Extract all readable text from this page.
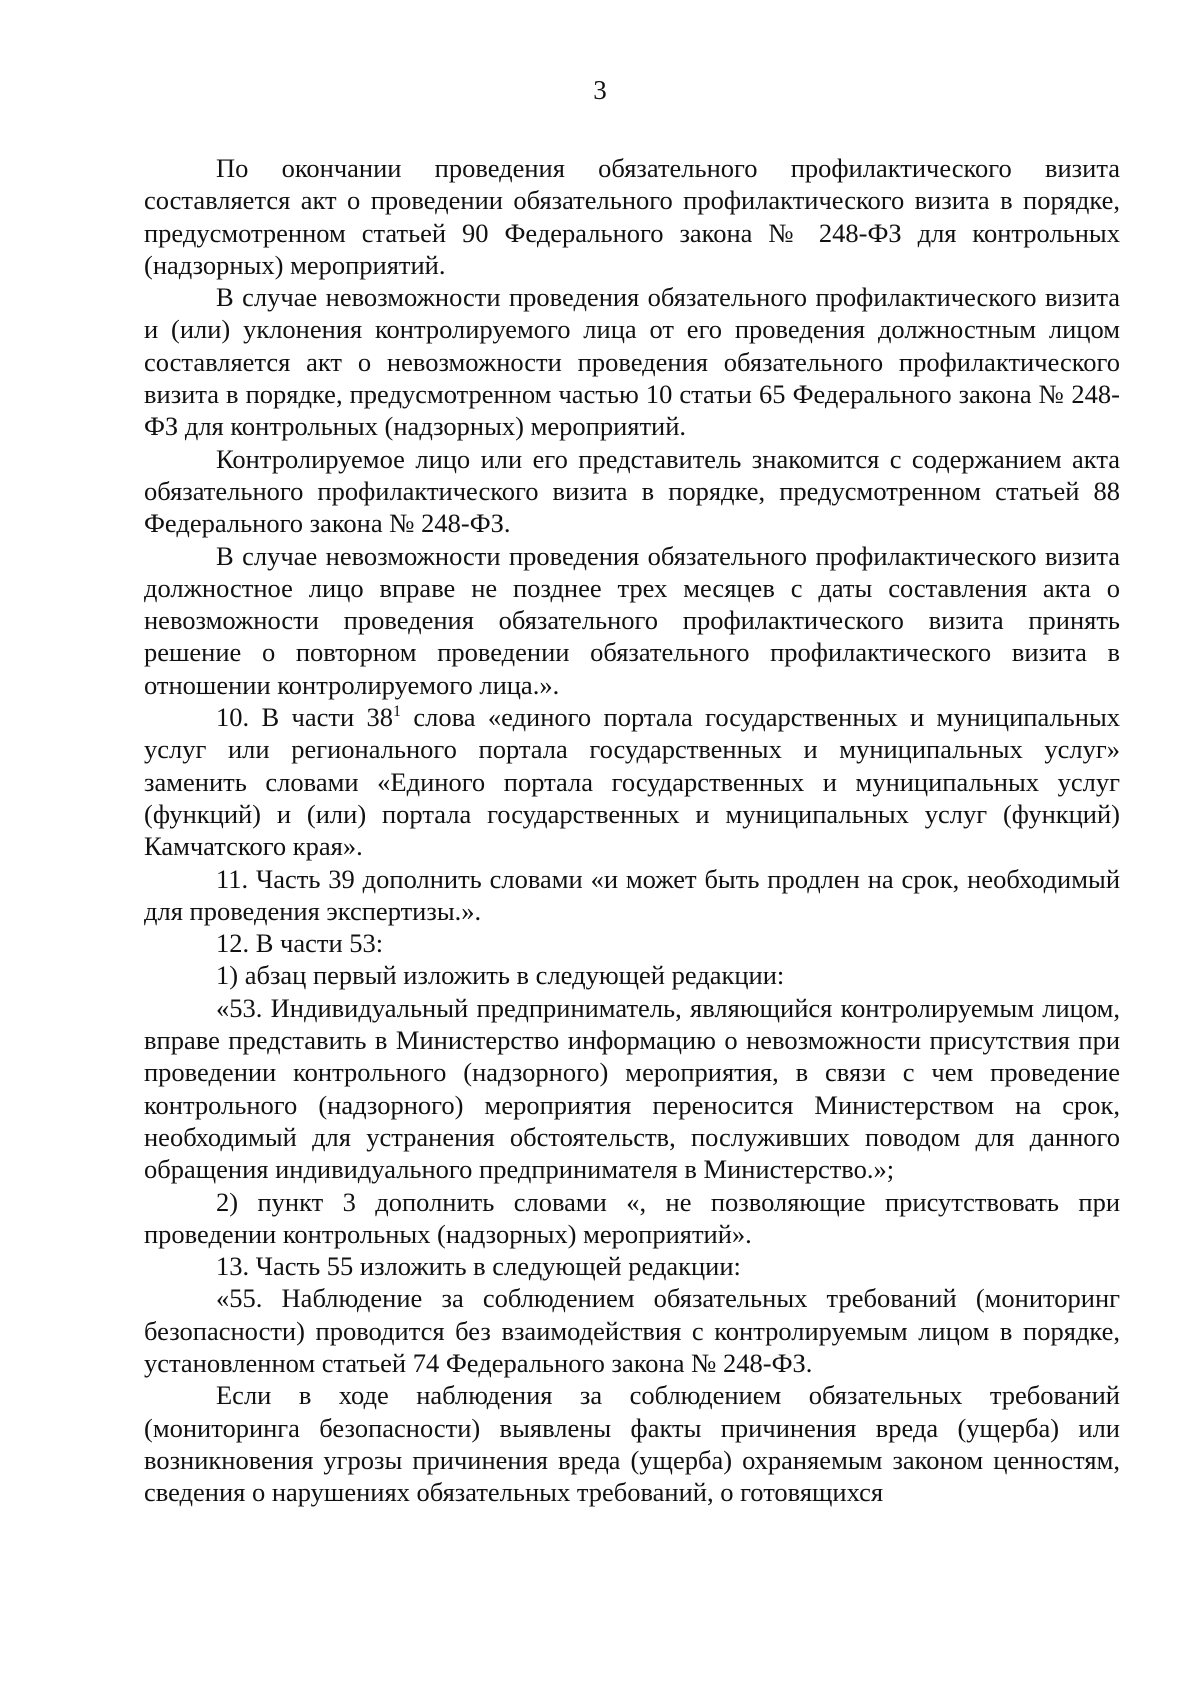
3

По окончании проведения обязательного профилактического визита составляется акт о проведении обязательного профилактического визита в порядке, предусмотренном статьей 90 Федерального закона № 248-ФЗ для контрольных (надзорных) мероприятий.

В случае невозможности проведения обязательного профилактического визита и (или) уклонения контролируемого лица от его проведения должностным лицом составляется акт о невозможности проведения обязательного профилактического визита в порядке, предусмотренном частью 10 статьи 65 Федерального закона № 248-ФЗ для контрольных (надзорных) мероприятий.

Контролируемое лицо или его представитель знакомится с содержанием акта обязательного профилактического визита в порядке, предусмотренном статьей 88 Федерального закона № 248-ФЗ.

В случае невозможности проведения обязательного профилактического визита должностное лицо вправе не позднее трех месяцев с даты составления акта о невозможности проведения обязательного профилактического визита принять решение о повторном проведении обязательного профилактического визита в отношении контролируемого лица.».

10. В части $38^1$ слова «единого портала государственных и муниципальных услуг или регионального портала государственных и муниципальных услуг» заменить словами «Единого портала государственных и муниципальных услуг (функций) и (или) портала государственных и муниципальных услуг (функций) Камчатского края».

11. Часть 39 дополнить словами «и может быть продлен на срок, необходимый для проведения экспертизы.».

12. В части 53:

1) абзац первый изложить в следующей редакции:

«53. Индивидуальный предприниматель, являющийся контролируемым лицом, вправе представить в Министерство информацию о невозможности присутствия при проведении контрольного (надзорного) мероприятия, в связи с чем проведение контрольного (надзорного) мероприятия переносится Министерством на срок, необходимый для устранения обстоятельств, послуживших поводом для данного обращения индивидуального предпринимателя в Министерство.»;

2) пункт 3 дополнить словами «, не позволяющие присутствовать при проведении контрольных (надзорных) мероприятий».

13. Часть 55 изложить в следующей редакции:

«55. Наблюдение за соблюдением обязательных требований (мониторинг безопасности) проводится без взаимодействия с контролируемым лицом в порядке, установленном статьей 74 Федерального закона № 248-ФЗ.

Если в ходе наблюдения за соблюдением обязательных требований (мониторинга безопасности) выявлены факты причинения вреда (ущерба) или возникновения угрозы причинения вреда (ущерба) охраняемым законом ценностям, сведения о нарушениях обязательных требований, о готовящихся
